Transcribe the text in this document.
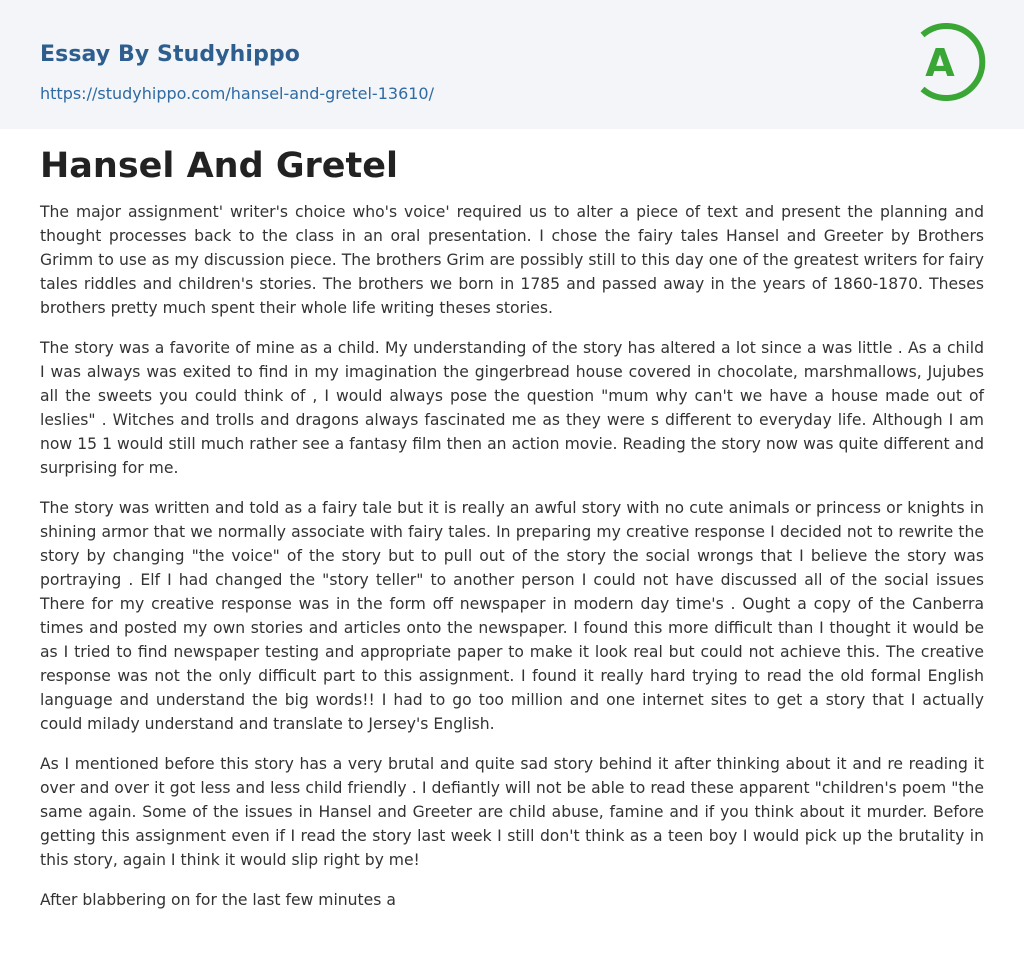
Essay By Studyhippo
https://studyhippo.com/hansel-and-gretel-13610/
A
Hansel And Gretel

The major assignment' writer's choice who's voice' required us to alter a piece of text and present the planning and thought processes back to the class in an oral presentation. I chose the fairy tales Hansel and Greeter by Brothers Grimm to use as my discussion piece. The brothers Grim are possibly still to this day one of the greatest writers for fairy tales riddles and children's stories. The brothers we born in 1785 and passed away in the years of 1860-1870. Theses brothers pretty much spent their whole life writing theses stories.

The story was a favorite of mine as a child. My understanding of the story has altered a lot since a was little . As a child I was always was exited to find in my imagination the gingerbread house covered in chocolate, marshmallows, Jujubes all the sweets you could think of , I would always pose the question "mum why can't we have a house made out of leslies" . Witches and trolls and dragons always fascinated me as they were s different to everyday life. Although I am now 15 1 would still much rather see a fantasy film then an action movie. Reading the story now was quite different and surprising for me.

The story was written and told as a fairy tale but it is really an awful story with no cute animals or princess or knights in shining armor that we normally associate with fairy tales. In preparing my creative response I decided not to rewrite the story by changing "the voice" of the story but to pull out of the story the social wrongs that I believe the story was portraying . Elf I had changed the "story teller" to another person I could not have discussed all of the social issues There for my creative response was in the form off newspaper in modern day time's . Ought a copy of the Canberra times and posted my own stories and articles onto the newspaper. I found this more difficult than I thought it would be as I tried to find newspaper testing and appropriate paper to make it look real but could not achieve this. The creative response was not the only difficult part to this assignment. I found it really hard trying to read the old formal English language and understand the big words!! I had to go too million and one internet sites to get a story that I actually could milady understand and translate to Jersey's English.

As I mentioned before this story has a very brutal and quite sad story behind it after thinking about it and re reading it over and over it got less and less child friendly . I defiantly will not be able to read these apparent "children's poem "the same again. Some of the issues in Hansel and Greeter are child abuse, famine and if you think about it murder. Before getting this assignment even if I read the story last week I still don't think as a teen boy I would pick up the brutality in this story, again I think it would slip right by me!

After blabbering on for the last few minutes a
